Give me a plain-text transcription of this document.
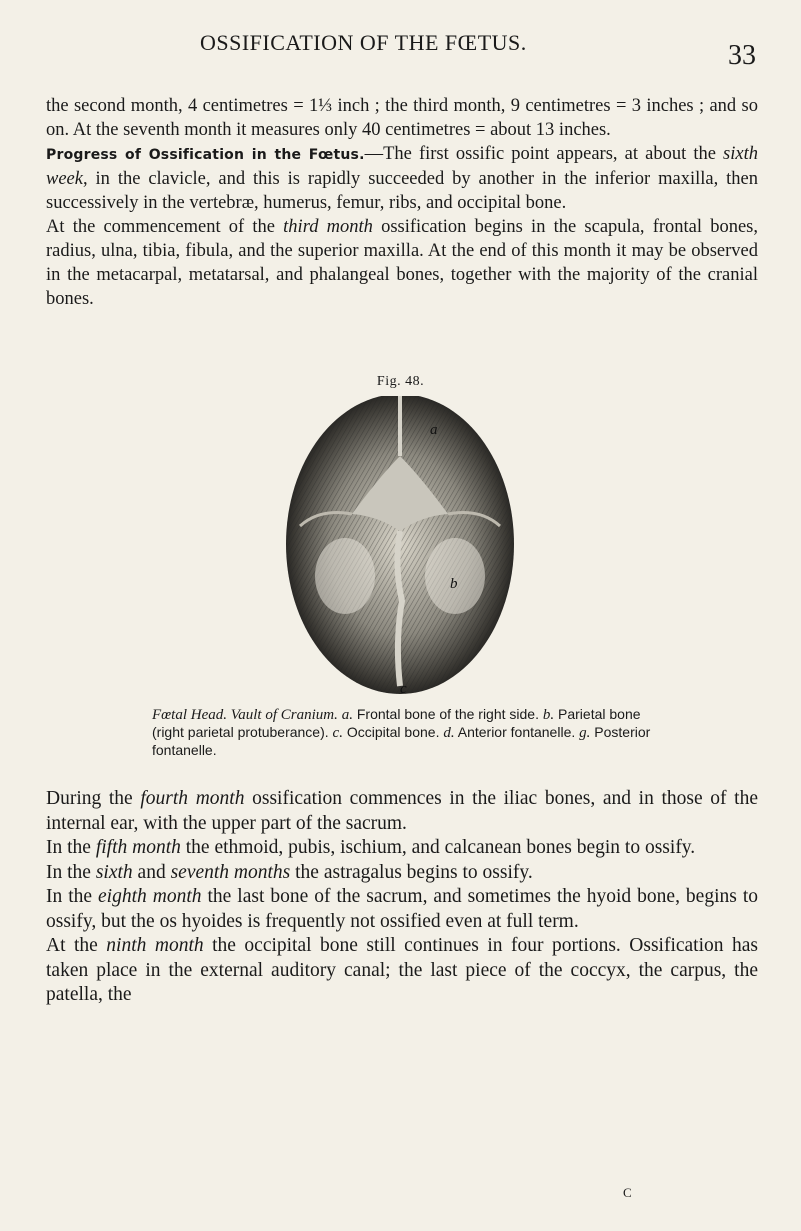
OSSIFICATION OF THE FŒTUS.	33

the second month, 4 centimetres = 1⅓ inch ; the third month, 9 centimetres = 3 inches ; and so on. At the seventh month it measures only 40 centimetres = about 13 inches.

Progress of Ossification in the Fœtus.—The first ossific point appears, at about the sixth week, in the clavicle, and this is rapidly succeeded by another in the inferior maxilla, then successively in the vertebræ, humerus, femur, ribs, and occipital bone.

At the commencement of the third month ossification begins in the scapula, frontal bones, radius, ulna, tibia, fibula, and the superior maxilla. At the end of this month it may be observed in the metacarpal, metatarsal, and phalangeal bones, together with the majority of the cranial bones.

Fig. 48.
a
b
c
Fœtal Head. Vault of Cranium. a. Frontal bone of the right side. b. Parietal bone (right parietal protuberance). c. Occipital bone. d. Anterior fontanelle. g. Posterior fontanelle.

During the fourth month ossification commences in the iliac bones, and in those of the internal ear, with the upper part of the sacrum.

In the fifth month the ethmoid, pubis, ischium, and calcanean bones begin to ossify.

In the sixth and seventh months the astragalus begins to ossify.

In the eighth month the last bone of the sacrum, and sometimes the hyoid bone, begins to ossify, but the os hyoides is frequently not ossified even at full term.

At the ninth month the occipital bone still continues in four portions. Ossification has taken place in the external auditory canal; the last piece of the coccyx, the carpus, the patella, the

C
